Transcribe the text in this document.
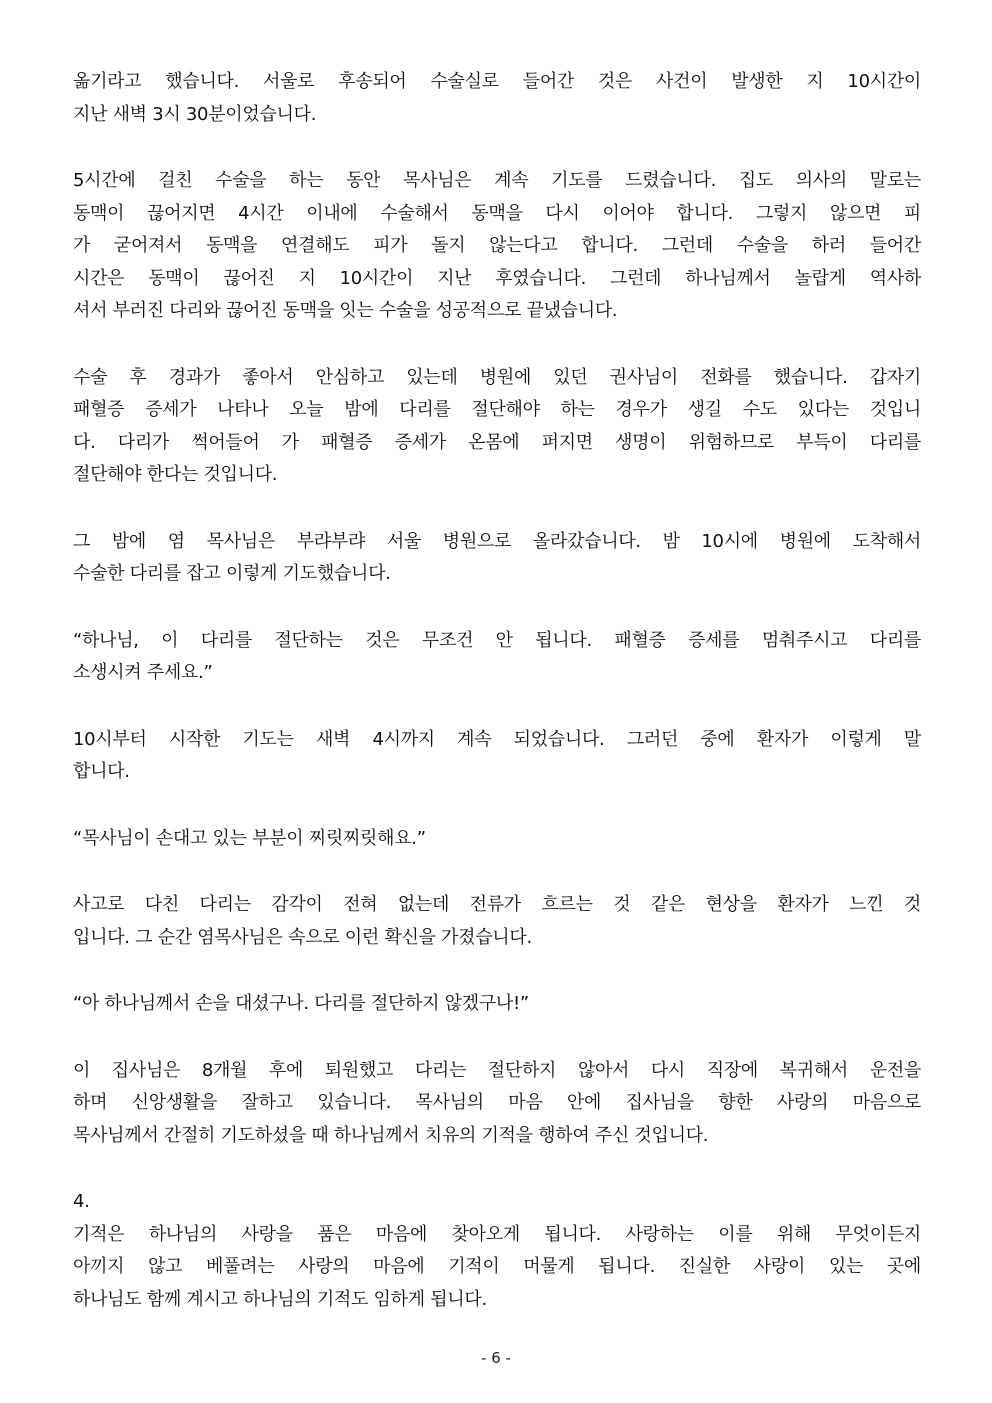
옮기라고 했습니다. 서울로 후송되어 수술실로 들어간 것은 사건이 발생한 지 10시간이
지난 새벽 3시 30분이었습니다.

5시간에 걸친 수술을 하는 동안 목사님은 계속 기도를 드렸습니다. 집도 의사의 말로는
동맥이 끊어지면 4시간 이내에 수술해서 동맥을 다시 이어야 합니다. 그렇지 않으면 피
가 굳어져서 동맥을 연결해도 피가 돌지 않는다고 합니다. 그런데 수술을 하러 들어간
시간은 동맥이 끊어진 지 10시간이 지난 후였습니다. 그런데 하나님께서 놀랍게 역사하
셔서 부러진 다리와 끊어진 동맥을 잇는 수술을 성공적으로 끝냈습니다.

수술 후 경과가 좋아서 안심하고 있는데 병원에 있던 권사님이 전화를 했습니다. 갑자기
패혈증 증세가 나타나 오늘 밤에 다리를 절단해야 하는 경우가 생길 수도 있다는 것입니
다. 다리가 썩어들어 가 패혈증 증세가 온몸에 퍼지면 생명이 위험하므로 부득이 다리를
절단해야 한다는 것입니다.

그 밤에 염 목사님은 부랴부랴 서울 병원으로 올라갔습니다. 밤 10시에 병원에 도착해서
수술한 다리를 잡고 이렇게 기도했습니다.

“하나님, 이 다리를 절단하는 것은 무조건 안 됩니다. 패혈증 증세를 멈춰주시고 다리를
소생시켜 주세요.”

10시부터 시작한 기도는 새벽 4시까지 계속 되었습니다. 그러던 중에 환자가 이렇게 말
합니다.

“목사님이 손대고 있는 부분이 찌릿찌릿해요.”

사고로 다친 다리는 감각이 전혀 없는데 전류가 흐르는 것 같은 현상을 환자가 느낀 것
입니다. 그 순간 염목사님은 속으로 이런 확신을 가졌습니다.

“아 하나님께서 손을 대셨구나. 다리를 절단하지 않겠구나!”

이 집사님은 8개월 후에 퇴원했고 다리는 절단하지 않아서 다시 직장에 복귀해서 운전을
하며 신앙생활을 잘하고 있습니다. 목사님의 마음 안에 집사님을 향한 사랑의 마음으로
목사님께서 간절히 기도하셨을 때 하나님께서 치유의 기적을 행하여 주신 것입니다.

4.
기적은 하나님의 사랑을 품은 마음에 찾아오게 됩니다. 사랑하는 이를 위해 무엇이든지
아끼지 않고 베풀려는 사랑의 마음에 기적이 머물게 됩니다. 진실한 사랑이 있는 곳에
하나님도 함께 계시고 하나님의 기적도 임하게 됩니다.

- 6 -
